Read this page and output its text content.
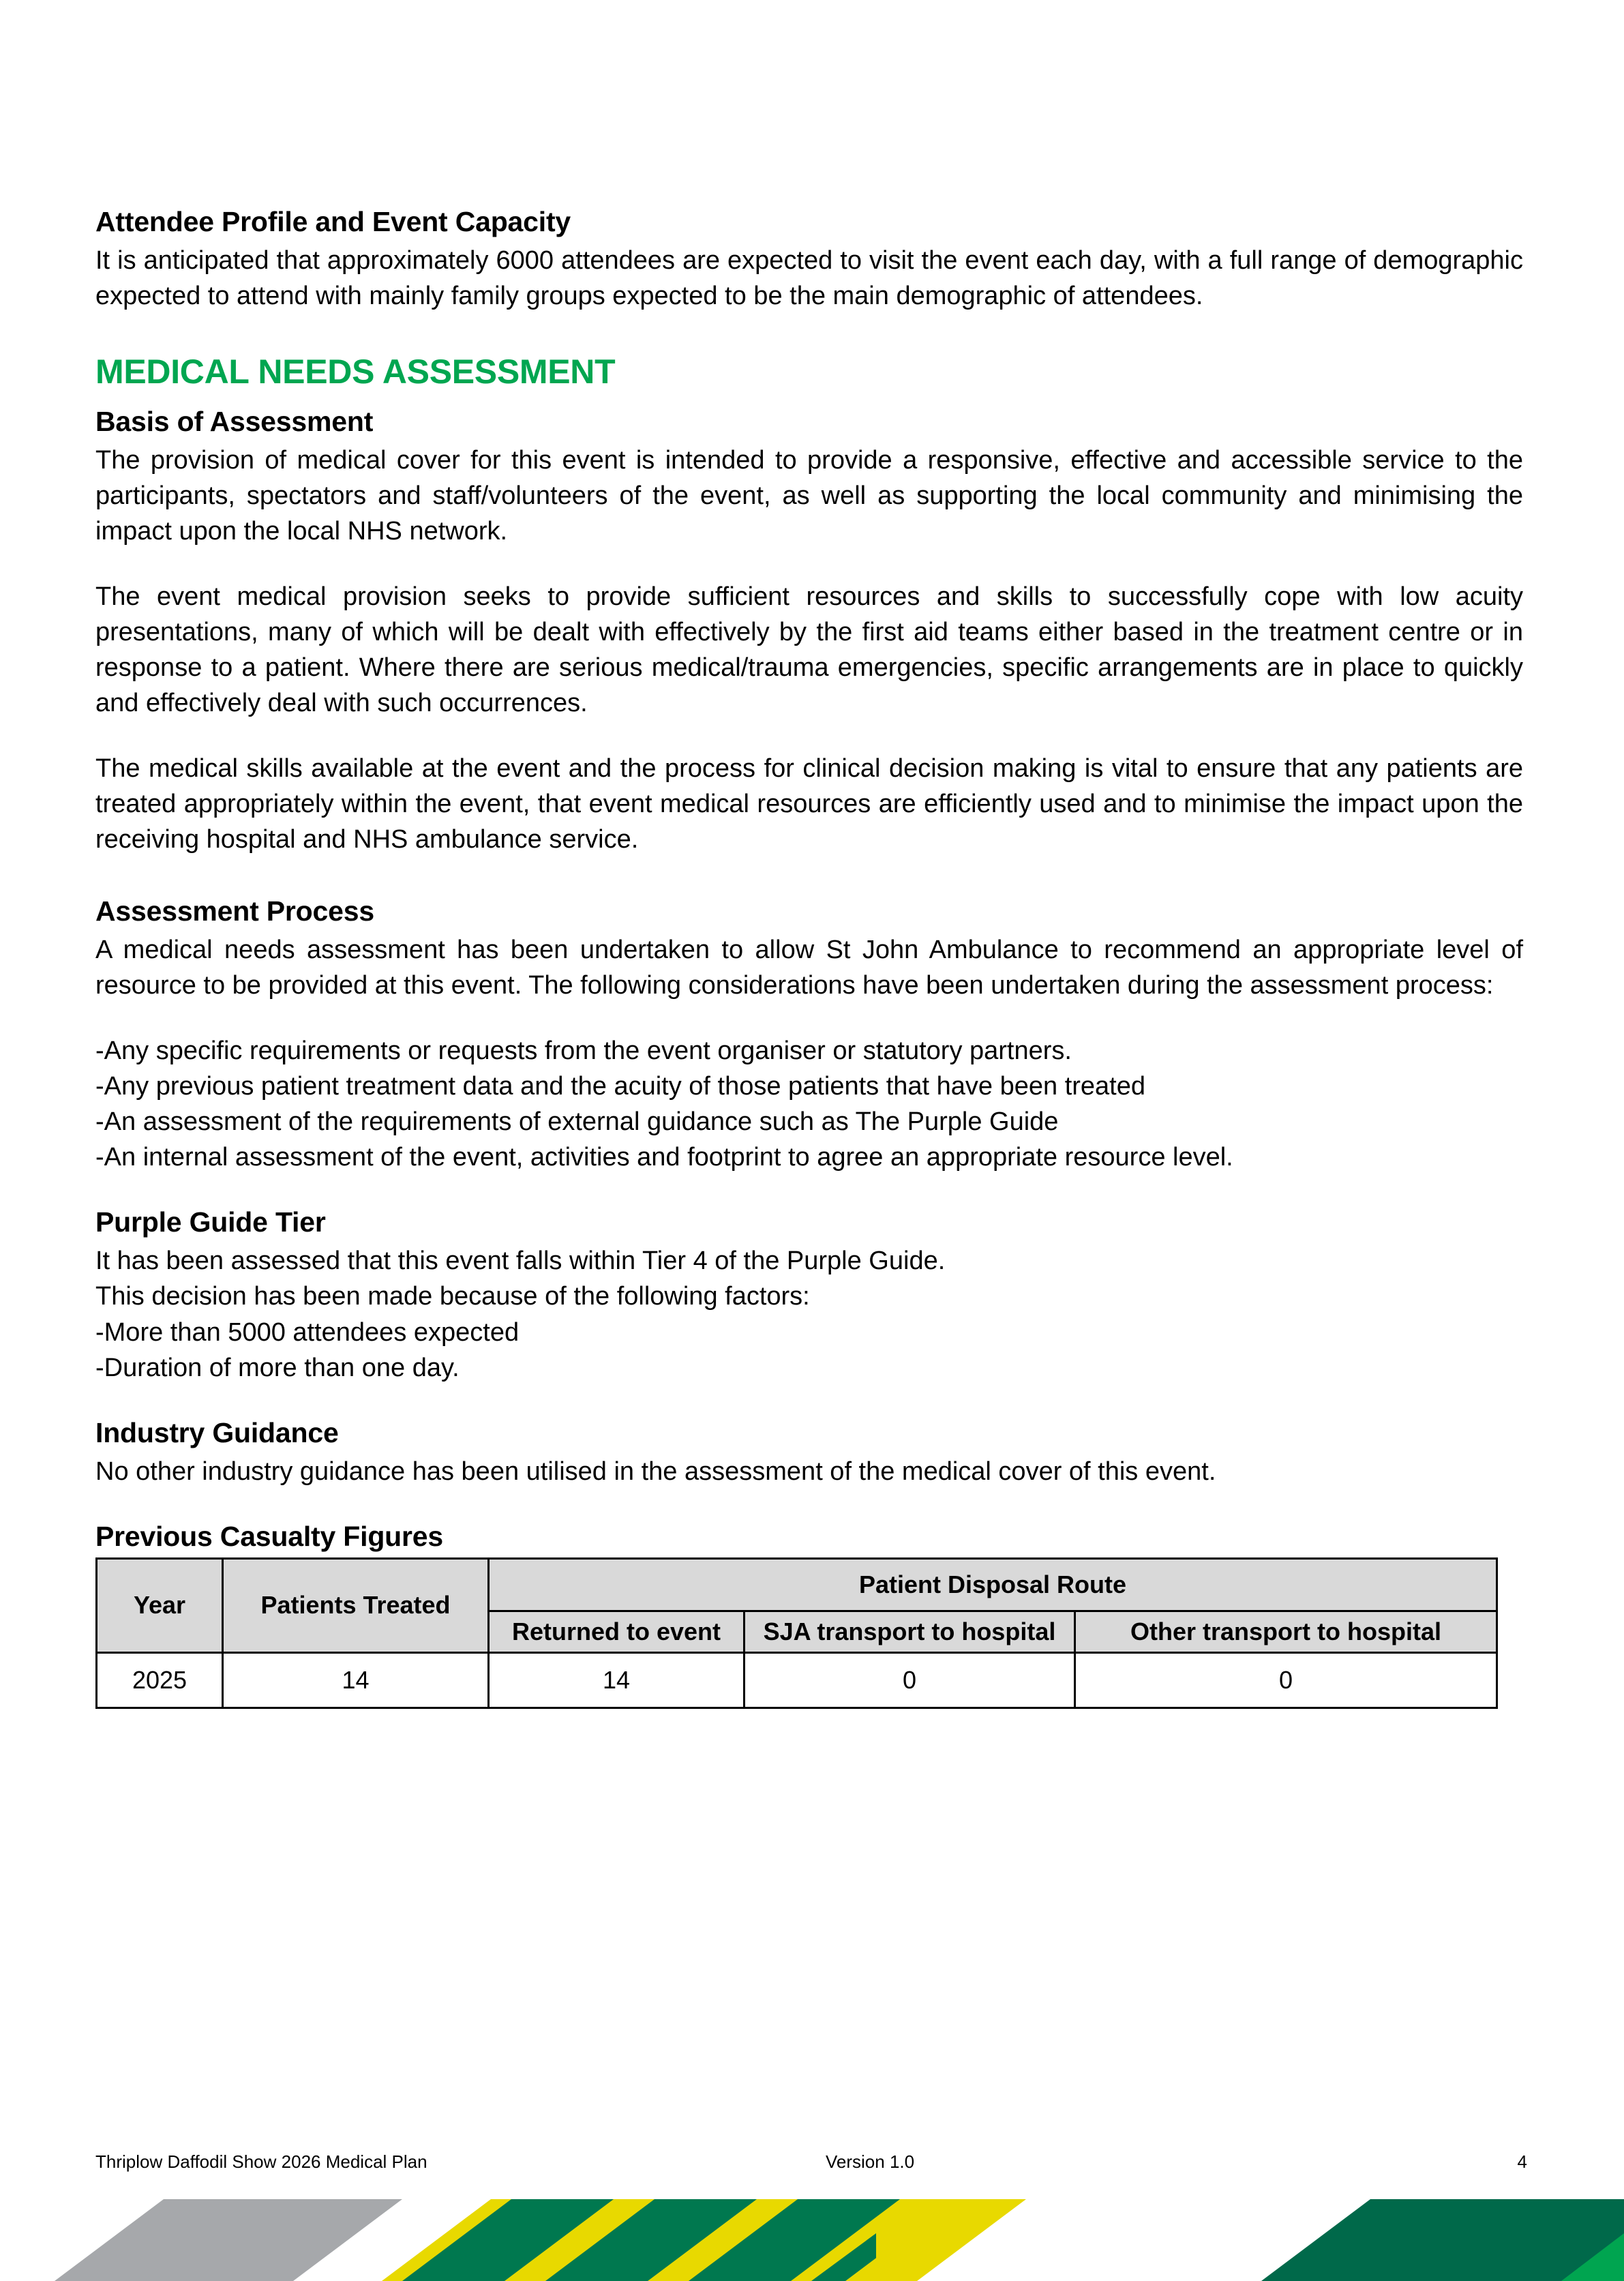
Attendee Profile and Event Capacity

It is anticipated that approximately 6000 attendees are expected to visit the event each day, with a full range of demographic expected to attend with mainly family groups expected to be the main demographic of attendees.

MEDICAL NEEDS ASSESSMENT
Basis of Assessment

The provision of medical cover for this event is intended to provide a responsive, effective and accessible service to the participants, spectators and staff/volunteers of the event, as well as supporting the local community and minimising the impact upon the local NHS network.

The event medical provision seeks to provide sufficient resources and skills to successfully cope with low acuity presentations, many of which will be dealt with effectively by the first aid teams either based in the treatment centre or in response to a patient. Where there are serious medical/trauma emergencies, specific arrangements are in place to quickly and effectively deal with such occurrences.

The medical skills available at the event and the process for clinical decision making is vital to ensure that any patients are treated appropriately within the event, that event medical resources are efficiently used and to minimise the impact upon the receiving hospital and NHS ambulance service.

Assessment Process

A medical needs assessment has been undertaken to allow St John Ambulance to recommend an appropriate level of resource to be provided at this event. The following considerations have been undertaken during the assessment process:

-Any specific requirements or requests from the event organiser or statutory partners.
-Any previous patient treatment data and the acuity of those patients that have been treated
-An assessment of the requirements of external guidance such as The Purple Guide
-An internal assessment of the event, activities and footprint to agree an appropriate resource level.
Purple Guide Tier
It has been assessed that this event falls within Tier 4 of the Purple Guide.
This decision has been made because of the following factors:
-More than 5000 attendees expected
-Duration of more than one day.
Industry Guidance
No other industry guidance has been utilised in the assessment of the medical cover of this event.
Previous Casualty Figures
Year	Patients Treated	Patient Disposal Route		
		Returned to event	SJA transport to hospital	Other transport to hospital
2025	14	14	0	0
Thriplow Daffodil Show 2026 Medical Plan	Version 1.0	4
